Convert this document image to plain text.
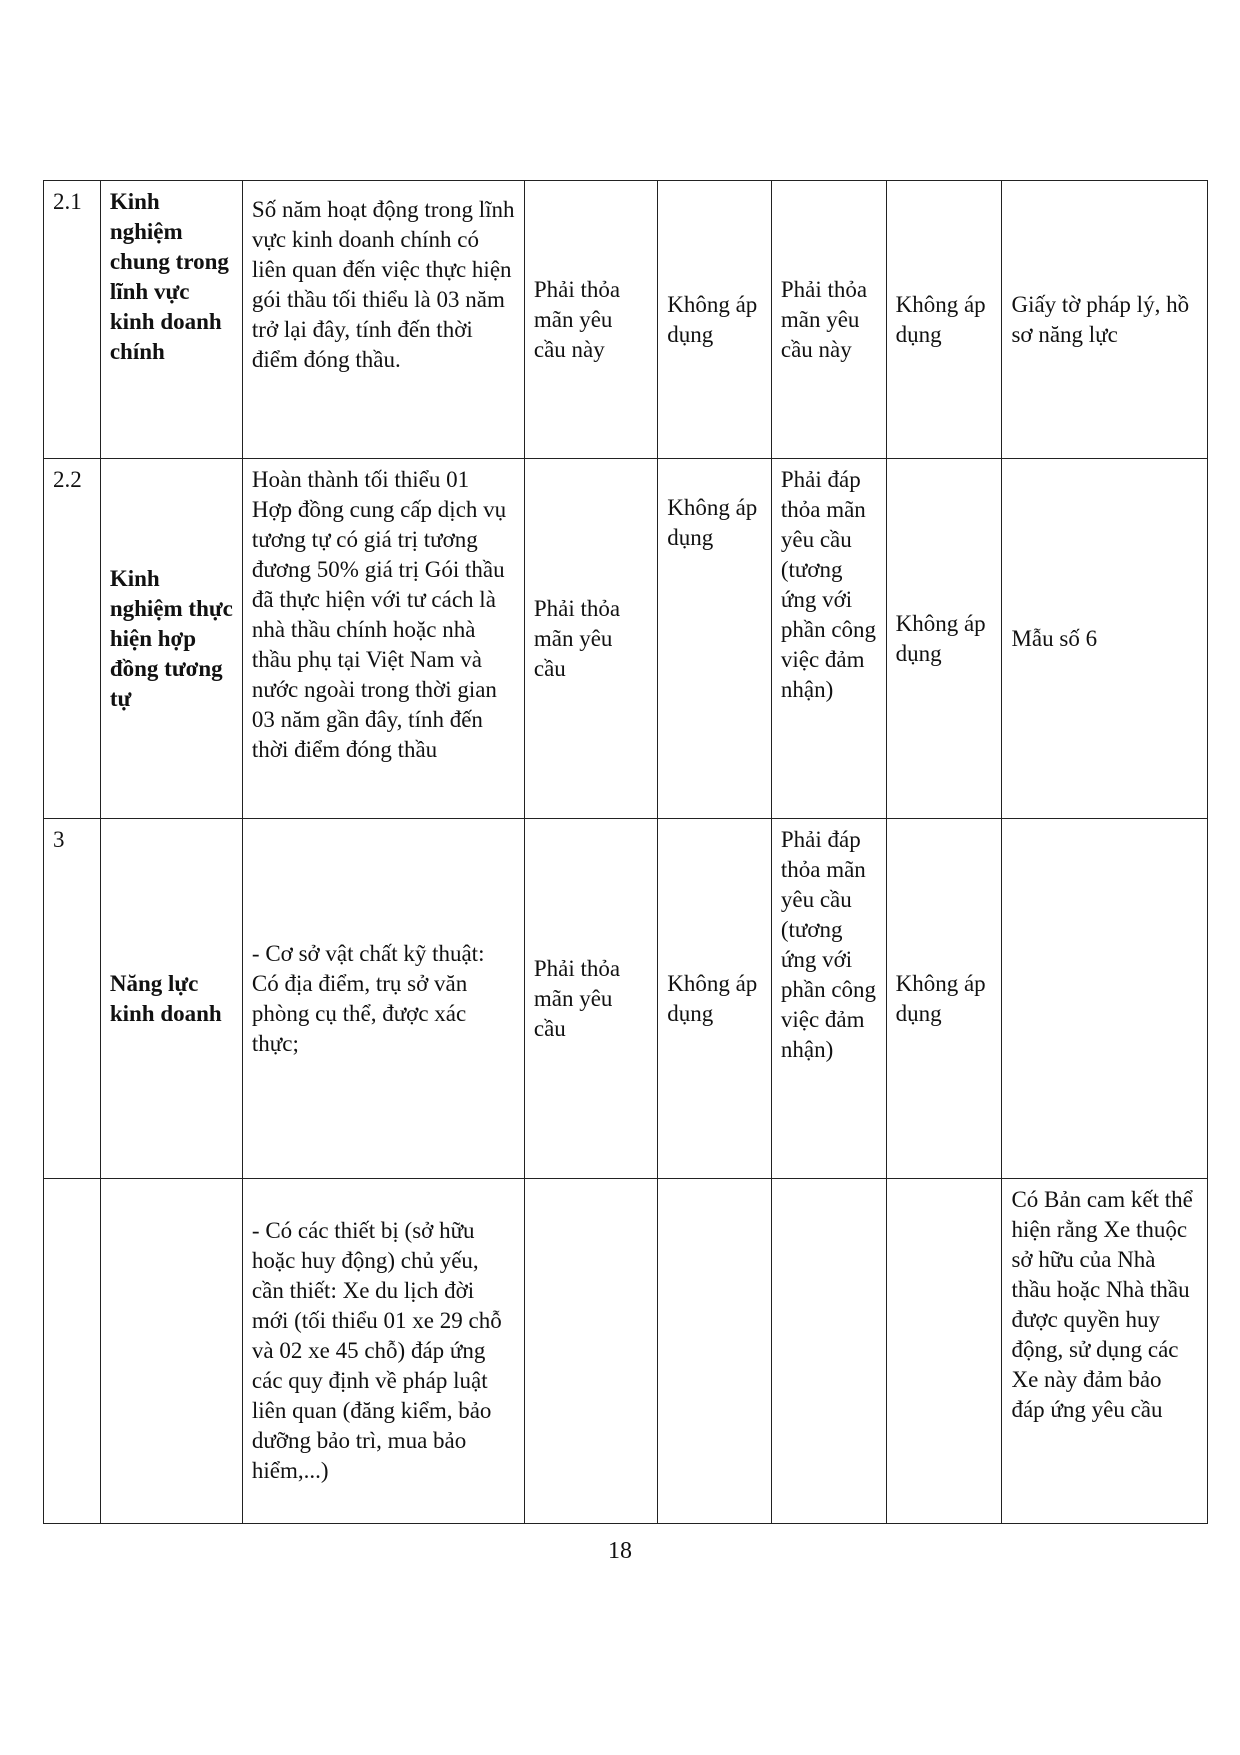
2.1	Kinh nghiệm chung trong lĩnh vực kinh doanh chính	Số năm hoạt động trong lĩnh vực kinh doanh chính có liên quan đến việc thực hiện gói thầu tối thiểu là 03 năm trở lại đây, tính đến thời điểm đóng thầu.	Phải thỏa mãn yêu cầu này	Không áp dụng	Phải thỏa mãn yêu cầu này	Không áp dụng	Giấy tờ pháp lý, hồ sơ năng lực
2.2	Kinh nghiệm thực hiện hợp đồng tương tự	Hoàn thành tối thiểu 01 Hợp đồng cung cấp dịch vụ tương tự có giá trị tương đương 50% giá trị Gói thầu đã thực hiện với tư cách là nhà thầu chính hoặc nhà thầu phụ tại Việt Nam và nước ngoài trong thời gian 03 năm gần đây, tính đến thời điểm đóng thầu	Phải thỏa mãn yêu cầu	Không áp dụng	Phải đáp thỏa mãn yêu cầu (tương ứng với phần công việc đảm nhận)	Không áp dụng	Mẫu số 6
3	Năng lực kinh doanh	- Cơ sở vật chất kỹ thuật: Có địa điểm, trụ sở văn phòng cụ thể, được xác thực;	Phải thỏa mãn yêu cầu	Không áp dụng	Phải đáp thỏa mãn yêu cầu (tương ứng với phần công việc đảm nhận)	Không áp dụng	
		- Có các thiết bị (sở hữu hoặc huy động) chủ yếu, cần thiết: Xe du lịch đời mới (tối thiểu 01 xe 29 chỗ và 02 xe 45 chỗ) đáp ứng các quy định về pháp luật liên quan (đăng kiểm, bảo dưỡng bảo trì, mua bảo hiểm,...)					Có Bản cam kết thể hiện rằng Xe thuộc sở hữu của Nhà thầu hoặc Nhà thầu được quyền huy động, sử dụng các Xe này đảm bảo đáp ứng yêu cầu
18
